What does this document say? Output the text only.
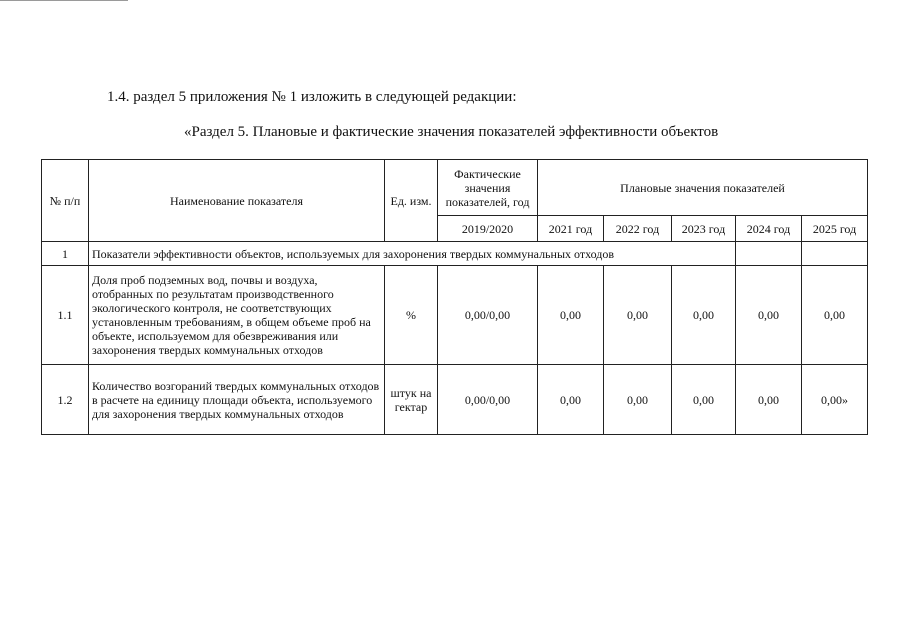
1.4. раздел 5 приложения № 1 изложить в следующей редакции:
«Раздел 5. Плановые и фактические значения показателей эффективности объектов
№ п/п	Наименование показателя	Ед. изм.	Фактические значения показателей, год	Плановые значения показателей				
			2019/2020	2021 год	2022 год	2023 год	2024 год	2025 год
1	Показатели эффективности объектов, используемых для захоронения твердых коммунальных отходов							
1.1	Доля проб подземных вод, почвы и воздуха, отобранных по результатам производственного экологического контроля, не соответствующих установленным требованиям, в общем объеме проб на объекте, используемом для обезвреживания или захоронения твердых коммунальных отходов	%	0,00/0,00	0,00	0,00	0,00	0,00	0,00
1.2	Количество возгораний твердых коммунальных отходов в расчете на единицу площади объекта, используемого для захоронения твердых коммунальных отходов	штук на гектар	0,00/0,00	0,00	0,00	0,00	0,00	0,00»
